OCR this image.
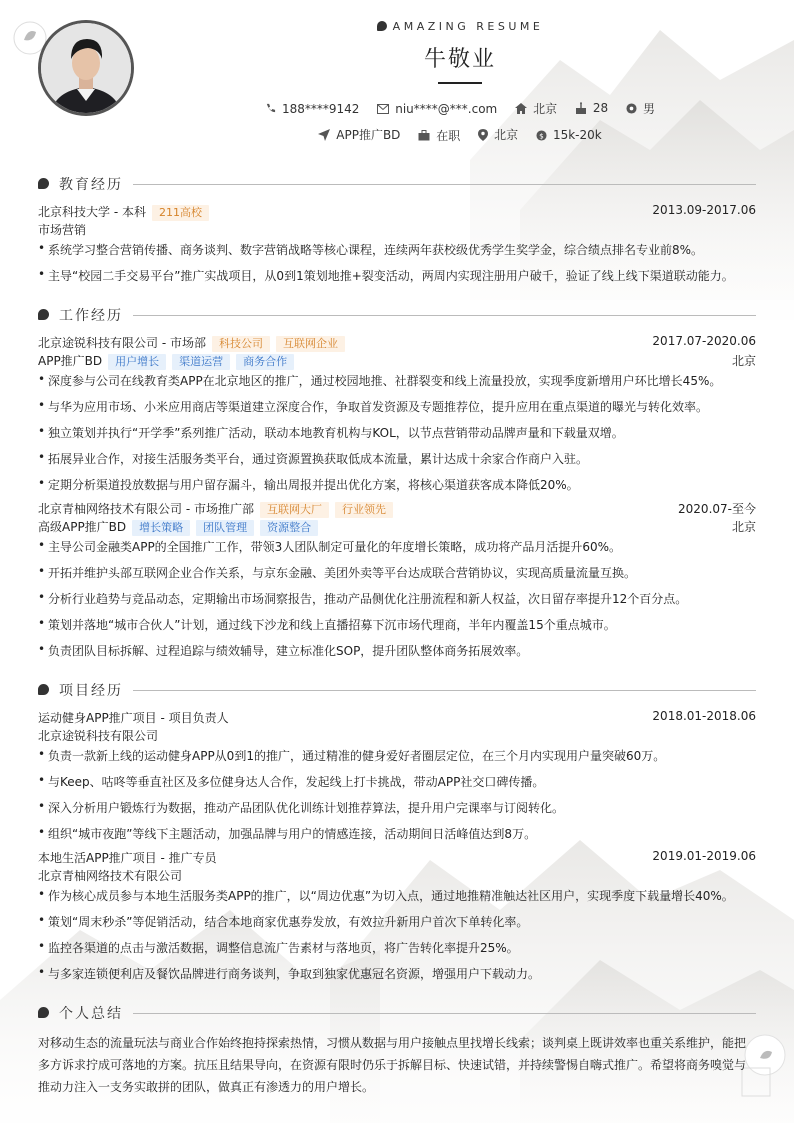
AMAZING RESUME
牛敬业
188****9142
	niu****@***.com
	北京
	28
	男
APP推广BD
	在职
	北京
	$ 15k-20k
教育经历
北京科技大学 - 本科 211高校	2013.09-2017.06
市场营销
系统学习整合营销传播、商务谈判、数字营销战略等核心课程，连续两年获校级优秀学生奖学金，综合绩点排名专业前8%。
主导“校园二手交易平台”推广实战项目，从0到1策划地推+裂变活动，两周内实现注册用户破千，验证了线上线下渠道联动能力。
工作经历
北京途锐科技有限公司 - 市场部 科技公司 互联网企业	2017.07-2020.06
APP推广BD 用户增长 渠道运营 商务合作	北京
深度参与公司在线教育类APP在北京地区的推广，通过校园地推、社群裂变和线上流量投放，实现季度新增用户环比增长45%。
与华为应用市场、小米应用商店等渠道建立深度合作，争取首发资源及专题推荐位，提升应用在重点渠道的曝光与转化效率。
独立策划并执行“开学季”系列推广活动，联动本地教育机构与KOL，以节点营销带动品牌声量和下载量双增。
拓展异业合作，对接生活服务类平台，通过资源置换获取低成本流量，累计达成十余家合作商户入驻。
定期分析渠道投放数据与用户留存漏斗，输出周报并提出优化方案，将核心渠道获客成本降低20%。
北京青柚网络技术有限公司 - 市场推广部 互联网大厂 行业领先	2020.07-至今
高级APP推广BD 增长策略 团队管理 资源整合	北京
主导公司金融类APP的全国推广工作，带领3人团队制定可量化的年度增长策略，成功将产品月活提升60%。
开拓并维护头部互联网企业合作关系，与京东金融、美团外卖等平台达成联合营销协议，实现高质量流量互换。
分析行业趋势与竞品动态，定期输出市场洞察报告，推动产品侧优化注册流程和新人权益，次日留存率提升12个百分点。
策划并落地“城市合伙人”计划，通过线下沙龙和线上直播招募下沉市场代理商，半年内覆盖15个重点城市。
负责团队目标拆解、过程追踪与绩效辅导，建立标准化SOP，提升团队整体商务拓展效率。
项目经历
运动健身APP推广项目 - 项目负责人	2018.01-2018.06
北京途锐科技有限公司
负责一款新上线的运动健身APP从0到1的推广，通过精准的健身爱好者圈层定位，在三个月内实现用户量突破60万。
与Keep、咕咚等垂直社区及多位健身达人合作，发起线上打卡挑战，带动APP社交口碑传播。
深入分析用户锻炼行为数据，推动产品团队优化训练计划推荐算法，提升用户完课率与订阅转化。
组织“城市夜跑”等线下主题活动，加强品牌与用户的情感连接，活动期间日活峰值达到8万。
本地生活APP推广项目 - 推广专员	2019.01-2019.06
北京青柚网络技术有限公司
作为核心成员参与本地生活服务类APP的推广，以“周边优惠”为切入点，通过地推精准触达社区用户，实现季度下载量增长40%。
策划“周末秒杀”等促销活动，结合本地商家优惠券发放，有效拉升新用户首次下单转化率。
监控各渠道的点击与激活数据，调整信息流广告素材与落地页，将广告转化率提升25%。
与多家连锁便利店及餐饮品牌进行商务谈判，争取到独家优惠冠名资源，增强用户下载动力。
个人总结
对移动生态的流量玩法与商业合作始终抱持探索热情，习惯从数据与用户接触点里找增长线索；谈判桌上既讲效率也重关系维护，能把多方诉求拧成可落地的方案。抗压且结果导向，在资源有限时仍乐于拆解目标、快速试错，并持续警惕自嗨式推广。希望将商务嗅觉与推动力注入一支务实敢拼的团队，做真正有渗透力的用户增长。
